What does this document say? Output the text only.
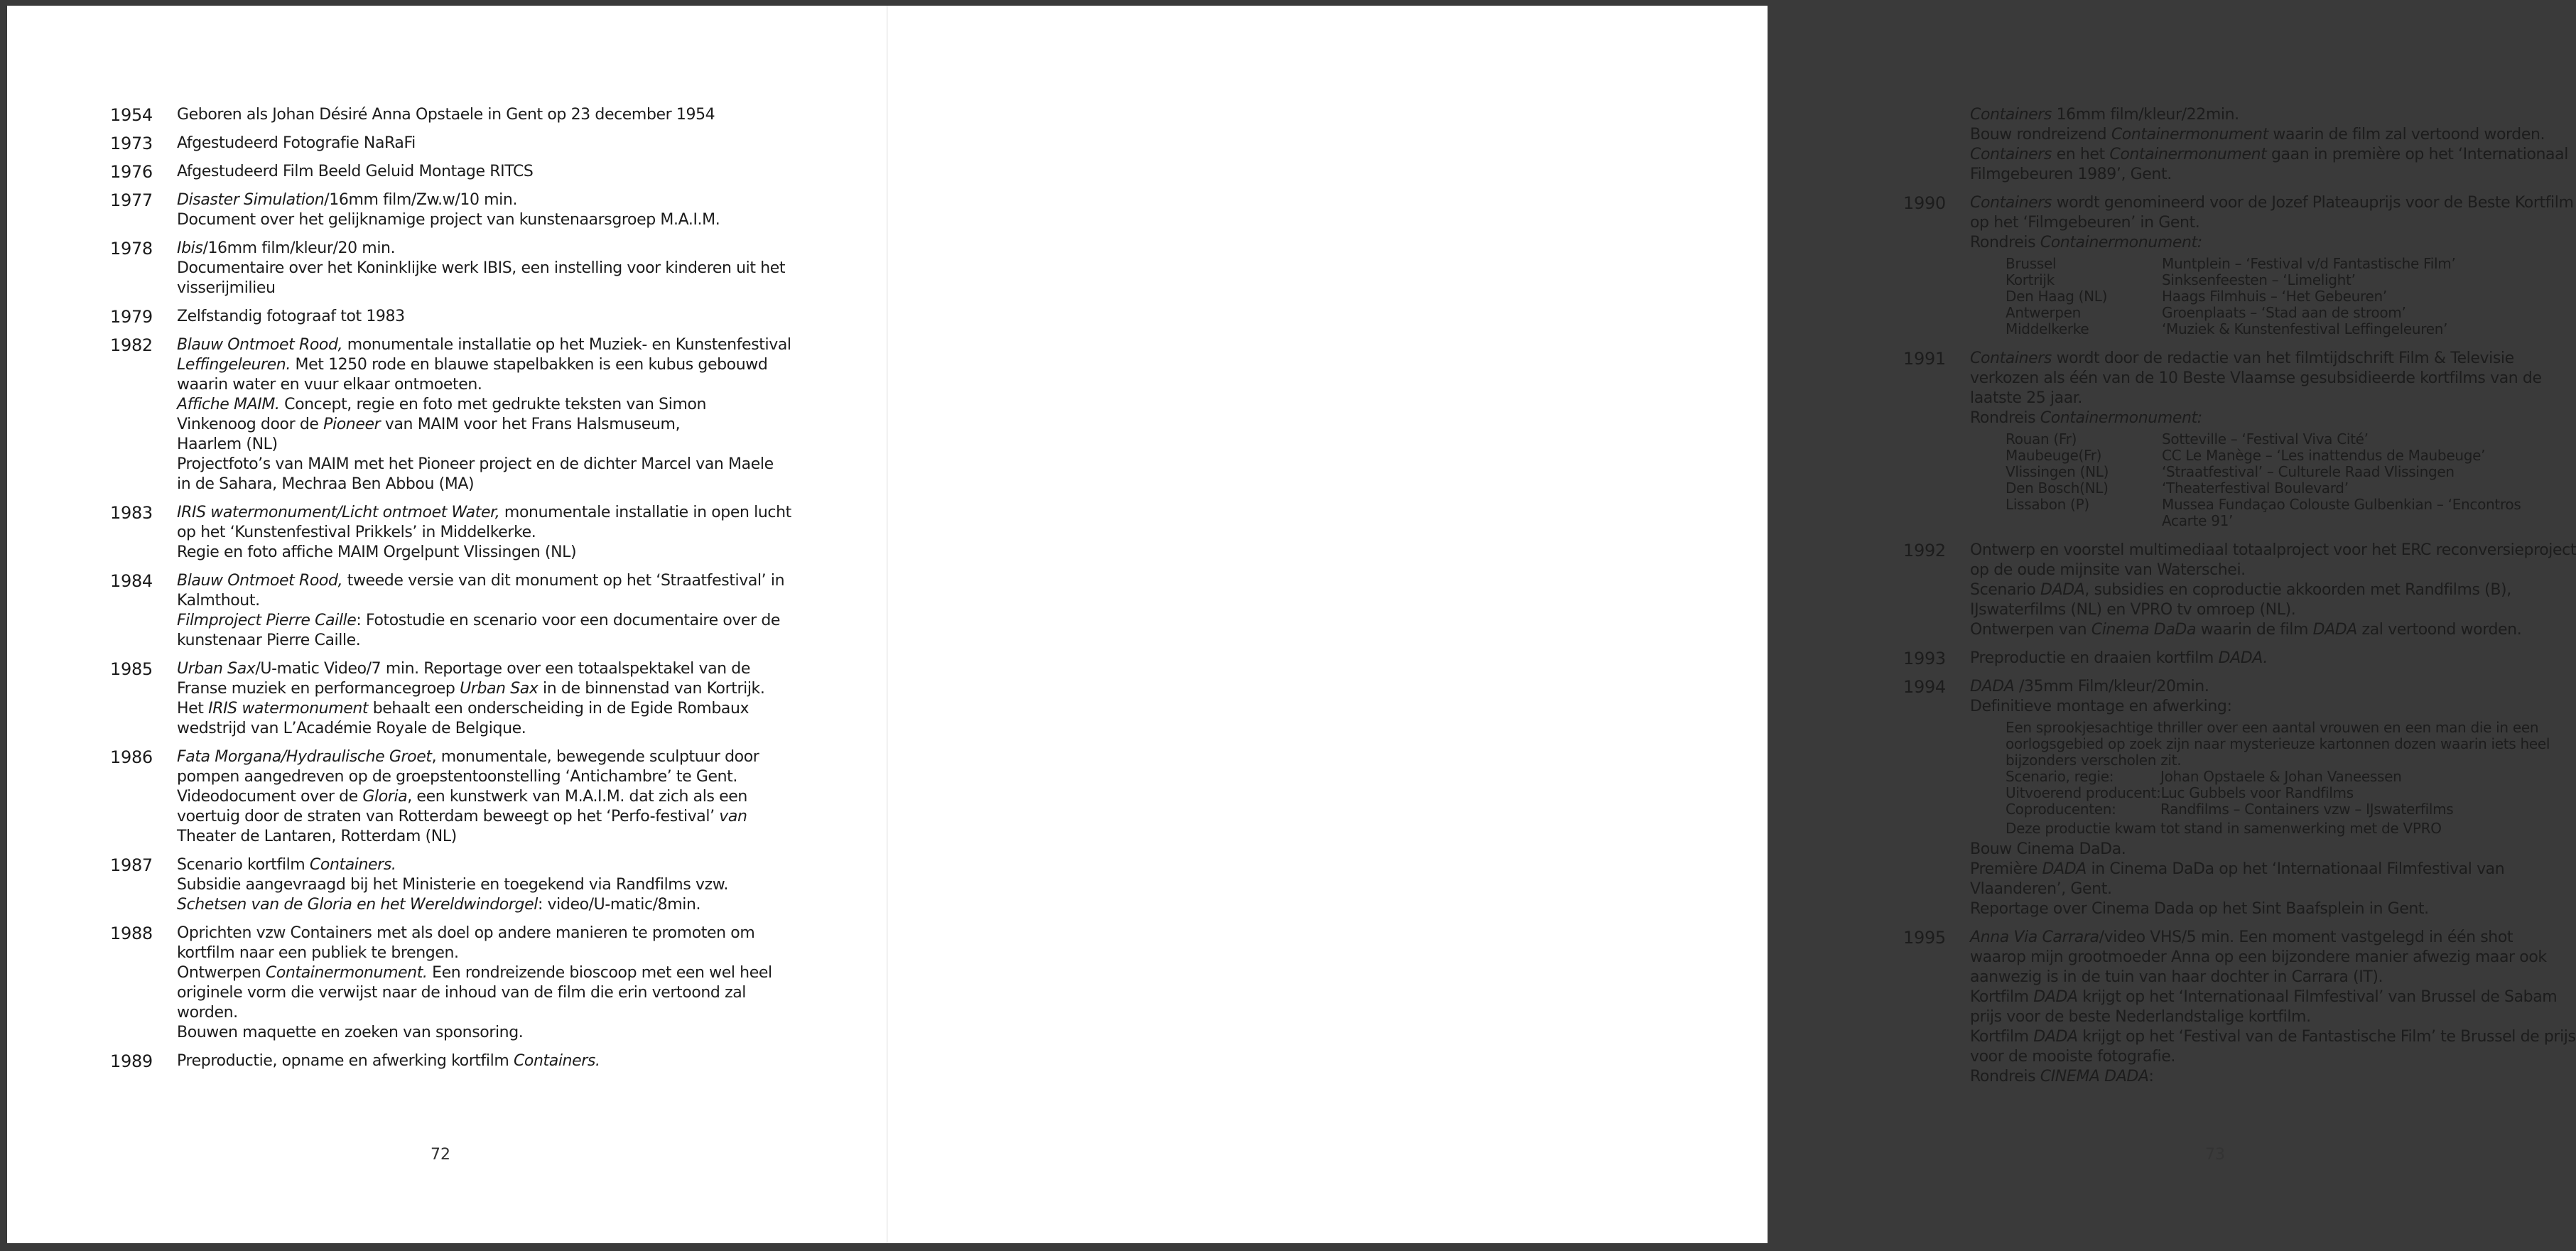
1954	Geboren als Johan Désiré Anna Opstaele in Gent op 23 december 1954
1973	Afgestudeerd Fotografie NaRaFi
1976	Afgestudeerd Film Beeld Geluid Montage RITCS
1977	Disaster Simulation/16mm film/Zw.w/10 min.
Document over het gelijknamige project van kunstenaarsgroep M.A.I.M.
1978	Ibis/16mm film/kleur/20 min.
Documentaire over het Koninklijke werk IBIS, een instelling voor kinderen uit het
visserijmilieu
1979	Zelfstandig fotograaf tot 1983
1982	Blauw Ontmoet Rood, monumentale installatie op het Muziek- en Kunstenfestival
Leffingeleuren. Met 1250 rode en blauwe stapelbakken is een kubus gebouwd
waarin water en vuur elkaar ontmoeten.
Affiche MAIM. Concept, regie en foto met gedrukte teksten van Simon
Vinkenoog door de Pioneer van MAIM voor het Frans Halsmuseum,
Haarlem (NL)
Projectfoto’s van MAIM met het Pioneer project en de dichter Marcel van Maele
in de Sahara, Mechraa Ben Abbou (MA)
1983	IRIS watermonument/Licht ontmoet Water, monumentale installatie in open lucht
op het ‘Kunstenfestival Prikkels’ in Middelkerke.
Regie en foto affiche MAIM Orgelpunt Vlissingen (NL)
1984	Blauw Ontmoet Rood, tweede versie van dit monument op het ‘Straatfestival’ in
Kalmthout.
Filmproject Pierre Caille: Fotostudie en scenario voor een documentaire over de
kunstenaar Pierre Caille.
1985	Urban Sax/U-matic Video/7 min. Reportage over een totaalspektakel van de
Franse muziek en performancegroep Urban Sax in de binnenstad van Kortrijk.
Het IRIS watermonument behaalt een onderscheiding in de Egide Rombaux
wedstrijd van L’Académie Royale de Belgique.
1986	Fata Morgana/Hydraulische Groet, monumentale, bewegende sculptuur door
pompen aangedreven op de groepstentoonstelling ‘Antichambre’ te Gent.
Videodocument over de Gloria, een kunstwerk van M.A.I.M. dat zich als een
voertuig door de straten van Rotterdam beweegt op het ‘Perfo-festival’ van
Theater de Lantaren, Rotterdam (NL)
1987	Scenario kortfilm Containers.
Subsidie aangevraagd bij het Ministerie en toegekend via Randfilms vzw.
Schetsen van de Gloria en het Wereldwindorgel: video/U-matic/8min.
1988	Oprichten vzw Containers met als doel op andere manieren te promoten om
kortfilm naar een publiek te brengen.
Ontwerpen Containermonument. Een rondreizende bioscoop met een wel heel
originele vorm die verwijst naar de inhoud van de film die erin vertoond zal
worden.
Bouwen maquette en zoeken van sponsoring.
1989	Preproductie, opname en afwerking kortfilm Containers.
72
Containers 16mm film/kleur/22min.
Bouw rondreizend Containermonument waarin de film zal vertoond worden.
Containers en het Containermonument gaan in première op het ‘Internationaal
Filmgebeuren 1989’, Gent.
1990	Containers wordt genomineerd voor de Jozef Plateauprijs voor de Beste Kortfilm
op het ‘Filmgebeuren’ in Gent.
Rondreis Containermonument:
Brussel	Muntplein – ‘Festival v/d Fantastische Film’
Kortrijk	Sinksenfeesten – ‘Limelight’
Den Haag (NL)	Haags Filmhuis – ‘Het Gebeuren’
Antwerpen	Groenplaats – ‘Stad aan de stroom’
Middelkerke	‘Muziek & Kunstenfestival Leffingeleuren’
1991	Containers wordt door de redactie van het filmtijdschrift Film & Televisie
verkozen als één van de 10 Beste Vlaamse gesubsidieerde kortfilms van de
laatste 25 jaar.
Rondreis Containermonument:
Rouan (Fr)	Sotteville – ‘Festival Viva Cité’
Maubeuge(Fr)	CC Le Manège – ‘Les inattendus de Maubeuge’
Vlissingen (NL)	‘Straatfestival’ – Culturele Raad Vlissingen
Den Bosch(NL)	‘Theaterfestival Boulevard’
Lissabon (P)	Mussea Fundaçao Colouste Gulbenkian – ‘Encontros
Acarte 91’
1992	Ontwerp en voorstel multimediaal totaalproject voor het ERC reconversieproject
op de oude mijnsite van Waterschei.
Scenario DADA, subsidies en coproductie akkoorden met Randfilms (B),
IJswaterfilms (NL) en VPRO tv omroep (NL).
Ontwerpen van Cinema DaDa waarin de film DADA zal vertoond worden.
1993	Preproductie en draaien kortfilm DADA.
1994	DADA /35mm Film/kleur/20min.
Definitieve montage en afwerking:
Een sprookjesachtige thriller over een aantal vrouwen en een man die in een
oorlogsgebied op zoek zijn naar mysterieuze kartonnen dozen waarin iets heel
bijzonders verscholen zit.
Scenario, regie:	Johan Opstaele & Johan Vaneessen
Uitvoerend producent: Luc Gubbels voor Randfilms
Coproducenten:	Randfilms – Containers vzw – IJswaterfilms
Deze productie kwam tot stand in samenwerking met de VPRO
Bouw Cinema DaDa.
Première DADA in Cinema DaDa op het ‘Internationaal Filmfestival van
Vlaanderen’, Gent.
Reportage over Cinema Dada op het Sint Baafsplein in Gent.
1995	Anna Via Carrara/video VHS/5 min. Een moment vastgelegd in één shot
waarop mijn grootmoeder Anna op een bijzondere manier afwezig maar ook
aanwezig is in de tuin van haar dochter in Carrara (IT).
Kortfilm DADA krijgt op het ‘Internationaal Filmfestival’ van Brussel de Sabam
prijs voor de beste Nederlandstalige kortfilm.
Kortfilm DADA krijgt op het ‘Festival van de Fantastische Film’ te Brussel de prijs
voor de mooiste fotografie.
Rondreis CINEMA DADA:
73
